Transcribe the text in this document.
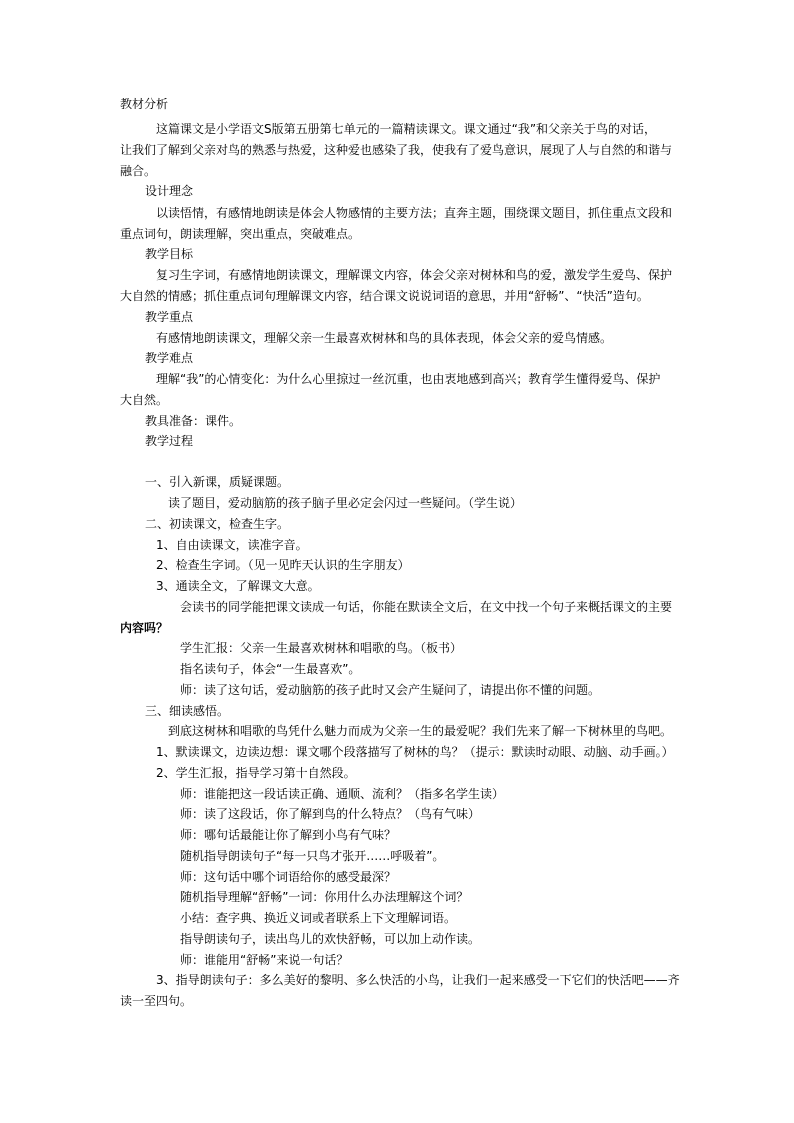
教材分析
这篇课文是小学语文S版第五册第七单元的一篇精读课文。课文通过“我”和父亲关于鸟的对话，
让我们了解到父亲对鸟的熟悉与热爱，这种爱也感染了我，使我有了爱鸟意识，展现了人与自然的和谐与
融合。
设计理念
以读悟情，有感情地朗读是体会人物感情的主要方法；直奔主题，围绕课文题目，抓住重点文段和
重点词句，朗读理解，突出重点，突破难点。
教学目标
复习生字词，有感情地朗读课文，理解课文内容，体会父亲对树林和鸟的爱，激发学生爱鸟、保护
大自然的情感；抓住重点词句理解课文内容，结合课文说说词语的意思，并用“舒畅”、“快活”造句。
教学重点
有感情地朗读课文，理解父亲一生最喜欢树林和鸟的具体表现，体会父亲的爱鸟情感。
教学难点
理解“我”的心情变化：为什么心里掠过一丝沉重，也由衷地感到高兴；教育学生懂得爱鸟、保护
大自然。
教具准备：课件。
教学过程
一、引入新课，质疑课题。
读了题目，爱动脑筋的孩子脑子里必定会闪过一些疑问。（学生说）
二、初读课文，检查生字。
1、自由读课文，读准字音。
2、检查生字词。（见一见昨天认识的生字朋友）
3、通读全文，了解课文大意。
会读书的同学能把课文读成一句话，你能在默读全文后，在文中找一个句子来概括课文的主要
内容吗？
学生汇报：父亲一生最喜欢树林和唱歌的鸟。（板书）
指名读句子，体会“一生最喜欢”。
师：读了这句话，爱动脑筋的孩子此时又会产生疑问了，请提出你不懂的问题。
三、细读感悟。
到底这树林和唱歌的鸟凭什么魅力而成为父亲一生的最爱呢？我们先来了解一下树林里的鸟吧。
1、默读课文，边读边想：课文哪个段落描写了树林的鸟？（提示：默读时动眼、动脑、动手画。）
2、学生汇报，指导学习第十自然段。
师：谁能把这一段话读正确、通顺、流利？（指多名学生读）
师：读了这段话，你了解到鸟的什么特点？（鸟有气味）
师：哪句话最能让你了解到小鸟有气味？
随机指导朗读句子“每一只鸟才张开……呼吸着”。
师：这句话中哪个词语给你的感受最深？
随机指导理解“舒畅”一词：你用什么办法理解这个词？
小结：查字典、换近义词或者联系上下文理解词语。
指导朗读句子，读出鸟儿的欢快舒畅，可以加上动作读。
师：谁能用“舒畅”来说一句话？
3、指导朗读句子：多么美好的黎明、多么快活的小鸟，让我们一起来感受一下它们的快活吧——齐
读一至四句。
